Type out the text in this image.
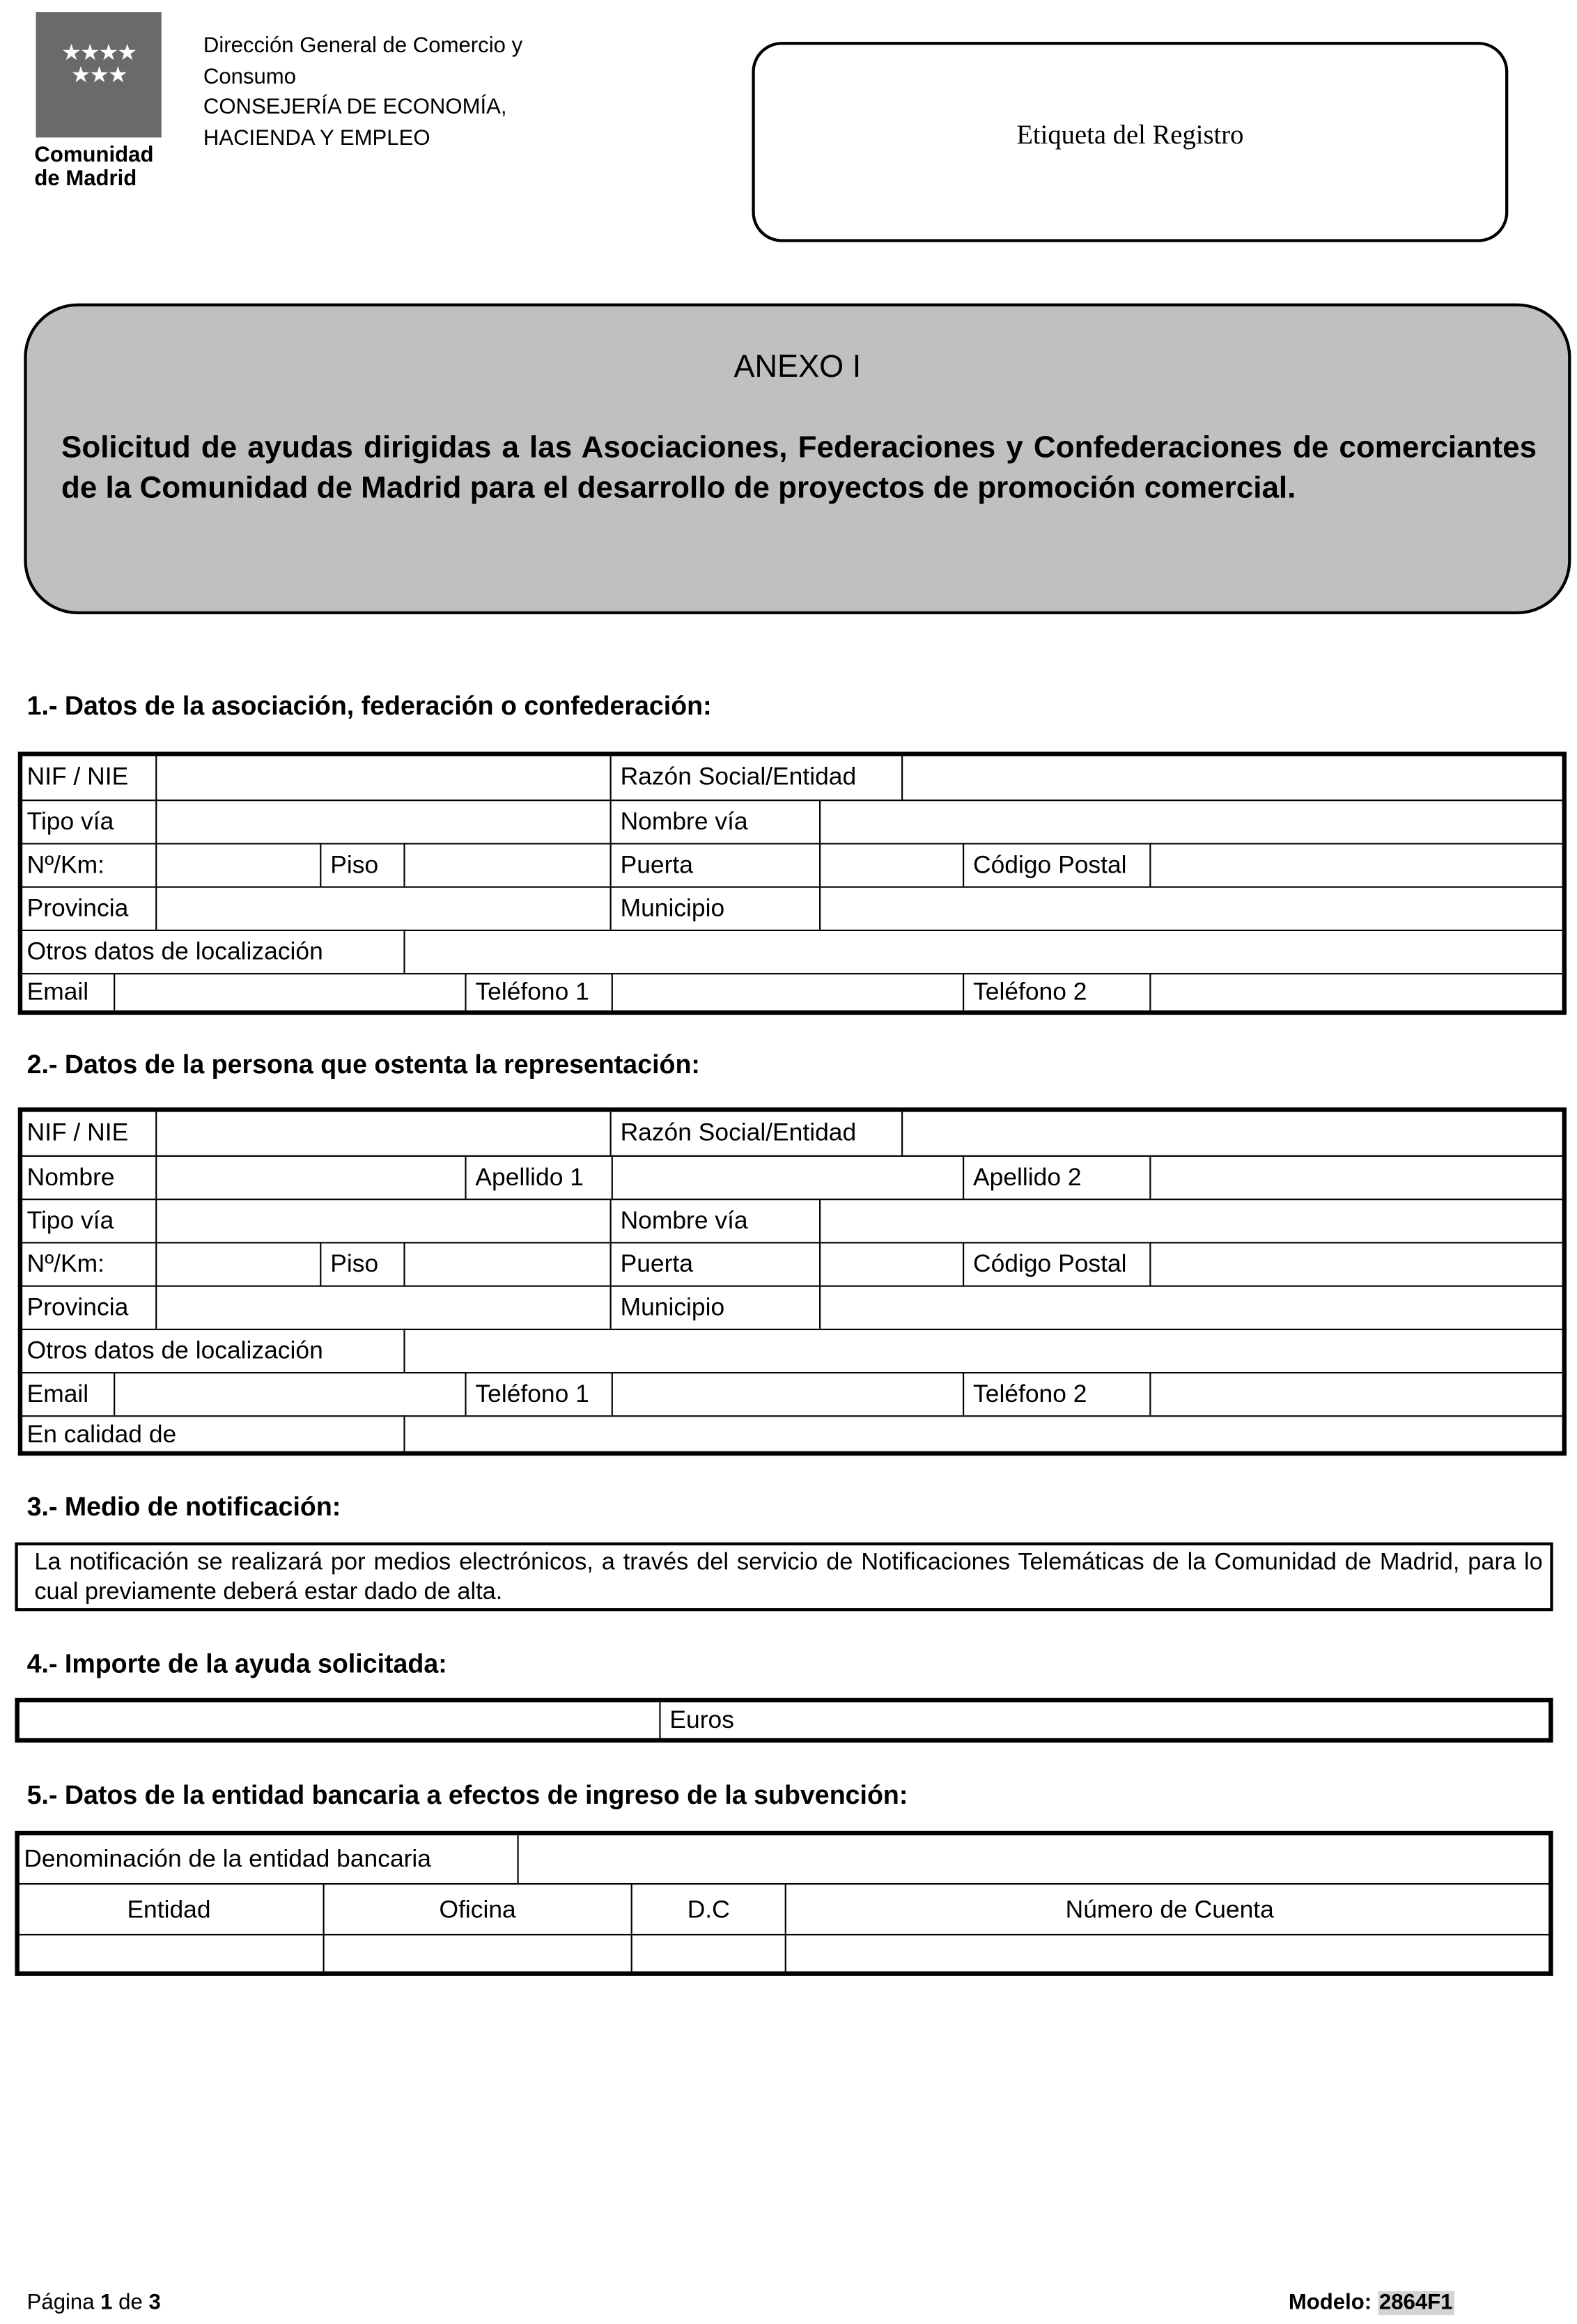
★★★★
★★★
Comunidad
de Madrid
Dirección General de Comercio y
Consumo
CONSEJERÍA DE ECONOMÍA,
HACIENDA Y EMPLEO	Etiqueta del Registro
ANEXO I
Solicitud de ayudas dirigidas a las Asociaciones, Federaciones y Confederaciones de comerciantes de la Comunidad de Madrid para el desarrollo de proyectos de promoción comercial.
1.- Datos de la asociación, federación o confederación:
NIF / NIE	Razón Social/Entidad
Tipo vía	Nombre vía
Nº/Km:	Piso	Puerta	Código Postal
Provincia	Municipio
Otros datos de localización
Email	Teléfono 1	Teléfono 2
2.- Datos de la persona que ostenta la representación:
NIF / NIE	Razón Social/Entidad
Nombre	Apellido 1	Apellido 2
Tipo vía	Nombre vía
Nº/Km:	Piso	Puerta	Código Postal
Provincia	Municipio
Otros datos de localización
Email	Teléfono 1	Teléfono 2
En calidad de
3.- Medio de notificación:
La notificación se realizará por medios electrónicos, a través del servicio de Notificaciones Telemáticas de la Comunidad de Madrid, para lo cual previamente deberá estar dado de alta.
4.- Importe de la ayuda solicitada:
Euros
5.- Datos de la entidad bancaria a efectos de ingreso de la subvención:
Denominación de la entidad bancaria
Entidad	Oficina	D.C	Número de Cuenta
Página 1 de 3	Modelo: 2864F1
